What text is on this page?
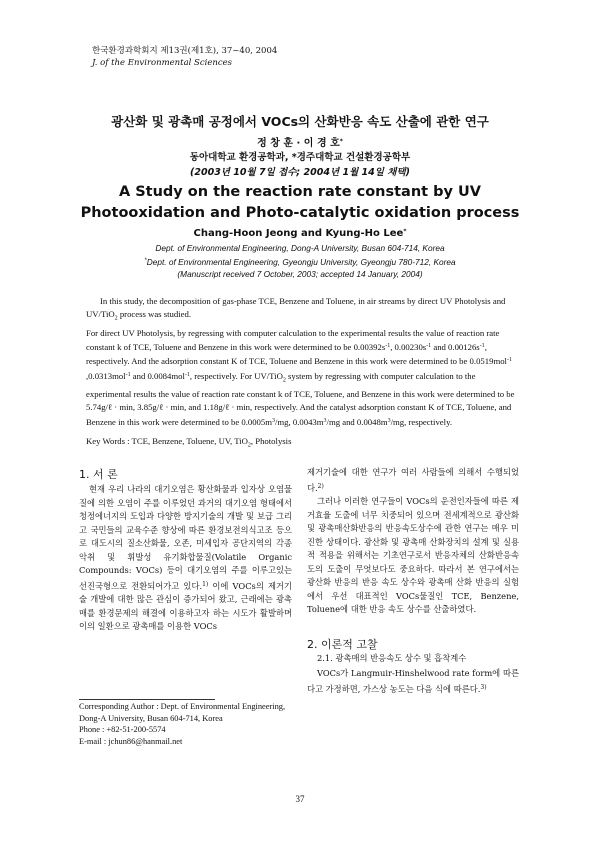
한국환경과학회지 제13권(제1호), 37~40, 2004
J. of the Environmental Sciences
광산화 및 광촉매 공정에서 VOCs의 산화반응 속도 산출에 관한 연구
정 창 훈 · 이 경 호*
동아대학교 환경공학과, *경주대학교 건설환경공학부
(2003년 10월 7일 접수; 2004년 1월 14일 채택)
A Study on the reaction rate constant by UV
Photooxidation and Photo-catalytic oxidation process
Chang-Hoon Jeong and Kyung-Ho Lee*
Dept. of Environmental Engineering, Dong-A University, Busan 604-714, Korea
*Dept. of Environmental Engineering, Gyeongju University, Gyeongju 780-712, Korea
(Manuscript received 7 October, 2003; accepted 14 January, 2004)

In this study, the decomposition of gas-phase TCE, Benzene and Toluene, in air streams by direct UV Photolysis and UV/TiO$_2$ process was studied.

For direct UV Photolysis, by regressing with computer calculation to the experimental results the value of reaction rate constant k of TCE, Toluene and Benzene in this work were determined to be $0.00392s^{-1}$, $0.00230s^{-1}$ and $0.00126s^{-1}$, respectively. And the adsorption constant K of TCE, Toluene and Benzene in this work were determined to be 0.0519mol$^{-1}$ ,0.0313mol$^{-1}$ and 0.0084mol$^{-1}$, respectively. For UV/TiO$_2$ system by regressing with computer calculation to the experimental results the value of reaction rate constant k of TCE, Toluene, and Benzene in this work were determined to be 5.74g/ℓ · min, 3.85g/ℓ · min, and 1.18g/ℓ · min, respectively. And the catalyst adsorption constant K of TCE, Toluene, and Benzene in this work were determined to be $0.0005m^3/mg$, $0.0043m^3/mg$ and $0.0048m^3/mg$, respectively.

Key Words : TCE, Benzene, Toluene, UV, TiO$_2$, Photolysis
1. 서 론

현재 우리 나라의 대기오염은 황산화물과 입자상 오염물질에 의한 오염이 주를 이루었던 과거의 대기오염 형태에서 청정에너지의 도입과 다양한 방지기술의 개발 및 보급 그리고 국민들의 교육수준 향상에 따른 환경보전의식고조 등으로 대도시의 질소산화물, 오존, 미세입자 공단지역의 각종 악취 및 휘발성 유기화합물질(Volatile Organic Compounds: VOCs) 등이 대기오염의 주를 이루고있는 선진국형으로 전환되어가고 있다.$^{1)}$ 이에 VOCs의 제거기술 개발에 대한 많은 관심이 증가되어 왔고, 근래에는 광촉매를 환경문제의 해결에 이용하고자 하는 시도가 활발하며 이의 일환으로 광촉매를 이용한 VOCs

Corresponding Author : Dept. of Environmental Engineering,
Dong-A University, Busan 604-714, Korea
Phone : +82-51-200-5574
E-mail : jchun86@hanmail.net

제거기술에 대한 연구가 여러 사람들에 의해서 수행되었다.$^{2)}$

그러나 이러한 연구들이 VOCs의 운전인자들에 따른 제거효율 도출에 너무 치중되어 있으며 전세계적으로 광산화 및 광촉매산화반응의 반응속도상수에 관한 연구는 매우 미진한 상태이다. 광산화 및 광촉매 산화장치의 설계 및 실용적 적용을 위해서는 기초연구로서 반응자체의 산화반응속도의 도출이 무엇보다도 중요하다. 따라서 본 연구에서는 광산화 반응의 반응 속도 상수와 광촉매 산화 반응의 실험에서 우선 대표적인 VOCs물질인 TCE, Benzene, Toluene에 대한 반응 속도 상수를 산출하였다.

2. 이론적 고찰
2.1. 광촉매의 반응속도 상수 및 흡착계수

VOCs가 Langmuir-Hinshelwood rate form에 따른다고 가정하면, 가스상 농도는 다음 식에 따른다.$^{3)}$

37
